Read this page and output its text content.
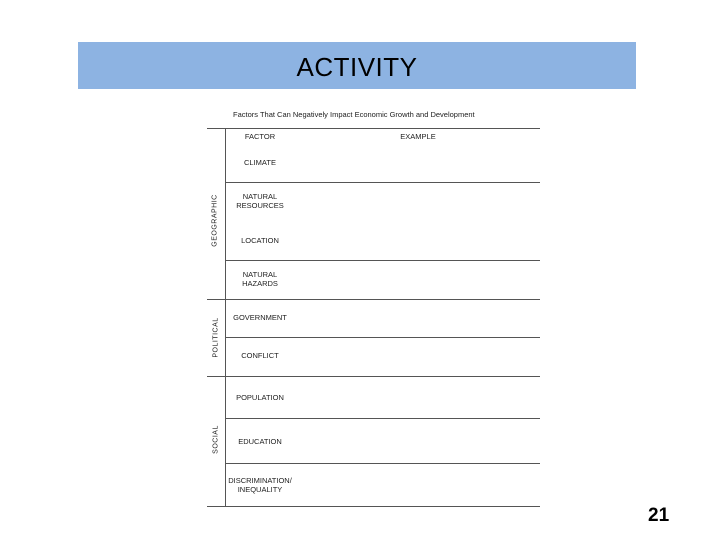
ACTIVITY
Factors That Can Negatively Impact Economic Growth and Development
FACTOR	EXAMPLE
GEOGRAPHIC
POLITICAL
SOCIAL
CLIMATE
NATURAL
RESOURCES
LOCATION
NATURAL
HAZARDS
GOVERNMENT
CONFLICT
POPULATION
EDUCATION
DISCRIMINATION/
INEQUALITY
21
